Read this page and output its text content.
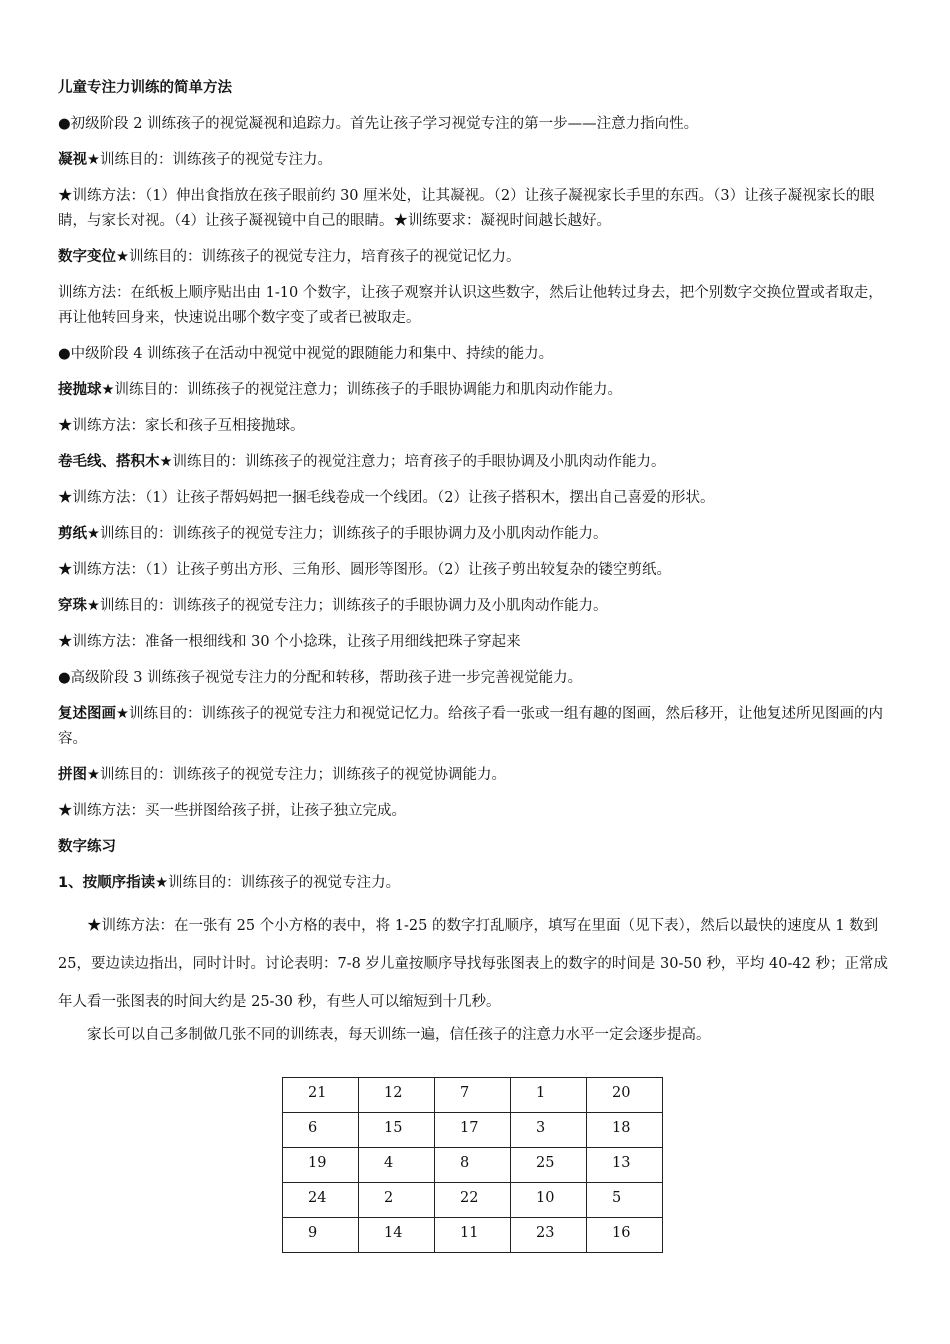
儿童专注力训练的简单方法

●初级阶段 2 训练孩子的视觉凝视和追踪力。首先让孩子学习视觉专注的第一步——注意力指向性。

凝视★训练目的：训练孩子的视觉专注力。

★训练方法：（1）伸出食指放在孩子眼前约 30 厘米处，让其凝视。（2）让孩子凝视家长手里的东西。（3）让孩子凝视家长的眼睛，与家长对视。（4）让孩子凝视镜中自己的眼睛。★训练要求：凝视时间越长越好。

数字变位★训练目的：训练孩子的视觉专注力，培育孩子的视觉记忆力。

训练方法：在纸板上顺序贴出由 1-10 个数字，让孩子观察并认识这些数字，然后让他转过身去，把个别数字交换位置或者取走，再让他转回身来，快速说出哪个数字变了或者已被取走。

●中级阶段 4 训练孩子在活动中视觉中视觉的跟随能力和集中、持续的能力。

接抛球★训练目的：训练孩子的视觉注意力；训练孩子的手眼协调能力和肌肉动作能力。

★训练方法：家长和孩子互相接抛球。

卷毛线、搭积木★训练目的：训练孩子的视觉注意力；培育孩子的手眼协调及小肌肉动作能力。

★训练方法：（1）让孩子帮妈妈把一捆毛线卷成一个线团。（2）让孩子搭积木，摆出自己喜爱的形状。

剪纸★训练目的：训练孩子的视觉专注力；训练孩子的手眼协调力及小肌肉动作能力。

★训练方法：（1）让孩子剪出方形、三角形、圆形等图形。（2）让孩子剪出较复杂的镂空剪纸。

穿珠★训练目的：训练孩子的视觉专注力；训练孩子的手眼协调力及小肌肉动作能力。

★训练方法：准备一根细线和 30 个小捻珠，让孩子用细线把珠子穿起来

●高级阶段 3 训练孩子视觉专注力的分配和转移，帮助孩子进一步完善视觉能力。

复述图画★训练目的：训练孩子的视觉专注力和视觉记忆力。给孩子看一张或一组有趣的图画，然后移开，让他复述所见图画的内容。

拼图★训练目的：训练孩子的视觉专注力；训练孩子的视觉协调能力。

★训练方法：买一些拼图给孩子拼，让孩子独立完成。

数字练习

1、按顺序指读★训练目的：训练孩子的视觉专注力。

★训练方法：在一张有 25 个小方格的表中，将 1-25 的数字打乱顺序，填写在里面（见下表），然后以最快的速度从 1 数到 25，要边读边指出，同时计时。讨论表明：7-8 岁儿童按顺序导找每张图表上的数字的时间是 30-50 秒，平均 40-42 秒；正常成年人看一张图表的时间大约是 25-30 秒，有些人可以缩短到十几秒。

家长可以自己多制做几张不同的训练表，每天训练一遍，信任孩子的注意力水平一定会逐步提高。

21	12	7	1	20
6	15	17	3	18
19	4	8	25	13
24	2	22	10	5
9	14	11	23	16
